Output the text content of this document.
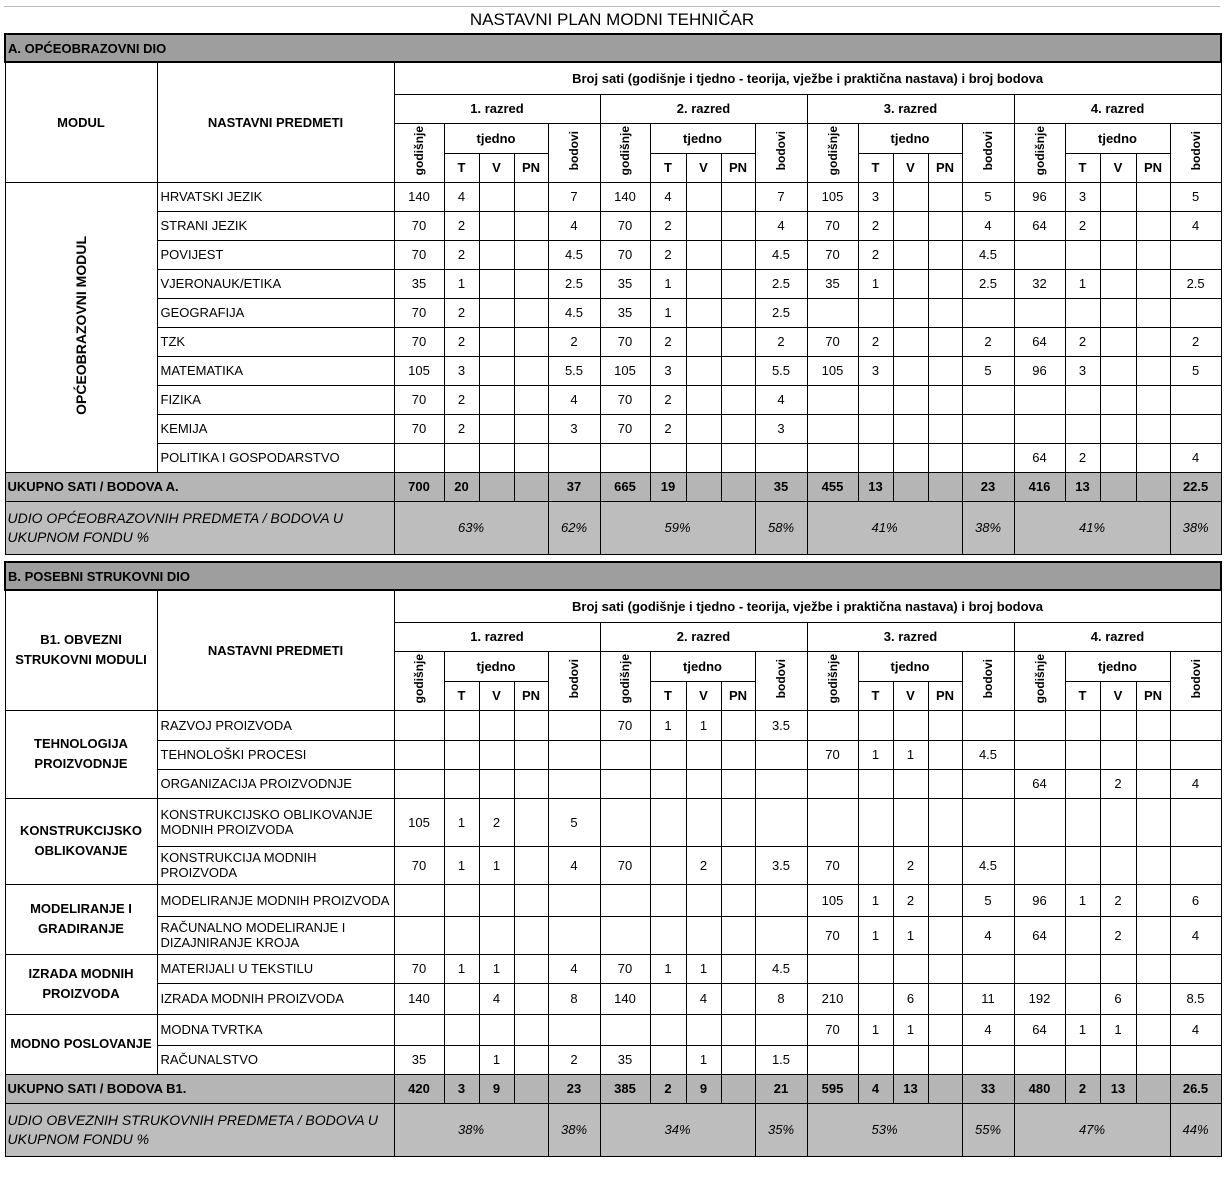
NASTAVNI PLAN MODNI TEHNIČAR
A. OPĆEOBRAZOVNI DIO																					
MODUL	NASTAVNI PREDMETI	Broj sati (godišnje i tjedno - teorija, vježbe i praktična nastava) i broj bodova																			
		1. razred					2. razred					3. razred					4. razred				
		godišnje	tjedno			bodovi	godišnje	tjedno			bodovi	godišnje	tjedno			bodovi	godišnje	tjedno			bodovi
			T	V	PN			T	V	PN			T	V	PN			T	V	PN	
OPĆEOBRAZOVNI MODUL	HRVATSKI JEZIK	140	4			7	140	4			7	105	3			5	96	3			5
	STRANI JEZIK	70	2			4	70	2			4	70	2			4	64	2			4
	POVIJEST	70	2			4.5	70	2			4.5	70	2			4.5					
	VJERONAUK/ETIKA	35	1			2.5	35	1			2.5	35	1			2.5	32	1			2.5
	GEOGRAFIJA	70	2			4.5	35	1			2.5										
	TZK	70	2			2	70	2			2	70	2			2	64	2			2
	MATEMATIKA	105	3			5.5	105	3			5.5	105	3			5	96	3			5
	FIZIKA	70	2			4	70	2			4										
	KEMIJA	70	2			3	70	2			3										
	POLITIKA I GOSPODARSTVO																64	2			4
UKUPNO SATI / BODOVA A.		700	20			37	665	19			35	455	13			23	416	13			22.5
UDIO OPĆEOBRAZOVNIH PREDMETA / BODOVA U UKUPNOM FONDU %		63%				62%	59%				58%	41%				38%	41%				38%
B. POSEBNI STRUKOVNI DIO																					
B1. OBVEZNI STRUKOVNI MODULI	NASTAVNI PREDMETI	Broj sati (godišnje i tjedno - teorija, vježbe i praktična nastava) i broj bodova																			
		1. razred					2. razred					3. razred					4. razred				
		godišnje	tjedno			bodovi	godišnje	tjedno			bodovi	godišnje	tjedno			bodovi	godišnje	tjedno			bodovi
			T	V	PN			T	V	PN			T	V	PN			T	V	PN	
TEHNOLOGIJA PROIZVODNJE	RAZVOJ PROIZVODA						70	1	1		3.5										
	TEHNOLOŠKI PROCESI											70	1	1		4.5					
	ORGANIZACIJA PROIZVODNJE																64		2		4
KONSTRUKCIJSKO OBLIKOVANJE	KONSTRUKCIJSKO OBLIKOVANJE MODNIH PROIZVODA	105	1	2		5															
	KONSTRUKCIJA MODNIH PROIZVODA	70	1	1		4	70		2		3.5	70		2		4.5					
MODELIRANJE I GRADIRANJE	MODELIRANJE MODNIH PROIZVODA											105	1	2		5	96	1	2		6
	RAČUNALNO MODELIRANJE I DIZAJNIRANJE KROJA											70	1	1		4	64		2		4
IZRADA MODNIH PROIZVODA	MATERIJALI U TEKSTILU	70	1	1		4	70	1	1		4.5										
	IZRADA MODNIH PROIZVODA	140		4		8	140		4		8	210		6		11	192		6		8.5
MODNO POSLOVANJE	MODNA TVRTKA											70	1	1		4	64	1	1		4
	RAČUNALSTVO	35		1		2	35		1		1.5										
UKUPNO SATI / BODOVA B1.		420	3	9		23	385	2	9		21	595	4	13		33	480	2	13		26.5
UDIO OBVEZNIH STRUKOVNIH PREDMETA / BODOVA U UKUPNOM FONDU %		38%				38%	34%				35%	53%				55%	47%				44%
